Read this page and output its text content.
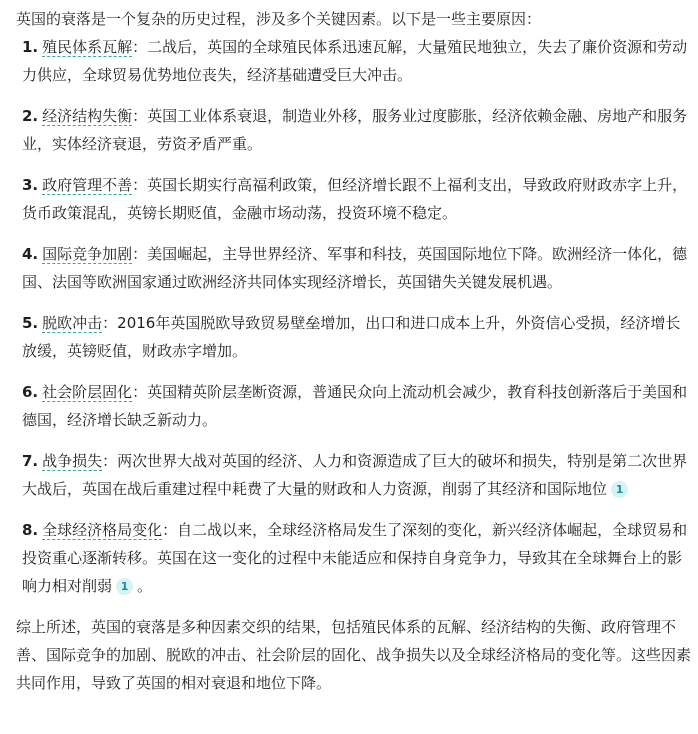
英国的衰落是一个复杂的历史过程，涉及多个关键因素。以下是一些主要原因：

1. 殖民体系瓦解：二战后，英国的全球殖民体系迅速瓦解，大量殖民地独立，失去了廉价资源和劳动力供应，全球贸易优势地位丧失，经济基础遭受巨大冲击。
2. 经济结构失衡：英国工业体系衰退，制造业外移，服务业过度膨胀，经济依赖金融、房地产和服务业，实体经济衰退，劳资矛盾严重。
3. 政府管理不善：英国长期实行高福利政策，但经济增长跟不上福利支出，导致政府财政赤字上升，货币政策混乱，英镑长期贬值，金融市场动荡，投资环境不稳定。
4. 国际竞争加剧：美国崛起，主导世界经济、军事和科技，英国国际地位下降。欧洲经济一体化，德国、法国等欧洲国家通过欧洲经济共同体实现经济增长，英国错失关键发展机遇。
5. 脱欧冲击：2016年英国脱欧导致贸易壁垒增加，出口和进口成本上升，外资信心受损，经济增长放缓，英镑贬值，财政赤字增加。
6. 社会阶层固化：英国精英阶层垄断资源，普通民众向上流动机会减少，教育科技创新落后于美国和德国，经济增长缺乏新动力。
7. 战争损失：两次世界大战对英国的经济、人力和资源造成了巨大的破坏和损失，特别是第二次世界大战后，英国在战后重建过程中耗费了大量的财政和人力资源，削弱了其经济和国际地位 1
8. 全球经济格局变化：自二战以来，全球经济格局发生了深刻的变化，新兴经济体崛起，全球贸易和投资重心逐渐转移。英国在这一变化的过程中未能适应和保持自身竞争力，导致其在全球舞台上的影响力相对削弱 1 。

综上所述，英国的衰落是多种因素交织的结果，包括殖民体系的瓦解、经济结构的失衡、政府管理不善、国际竞争的加剧、脱欧的冲击、社会阶层的固化、战争损失以及全球经济格局的变化等。这些因素共同作用，导致了英国的相对衰退和地位下降。
